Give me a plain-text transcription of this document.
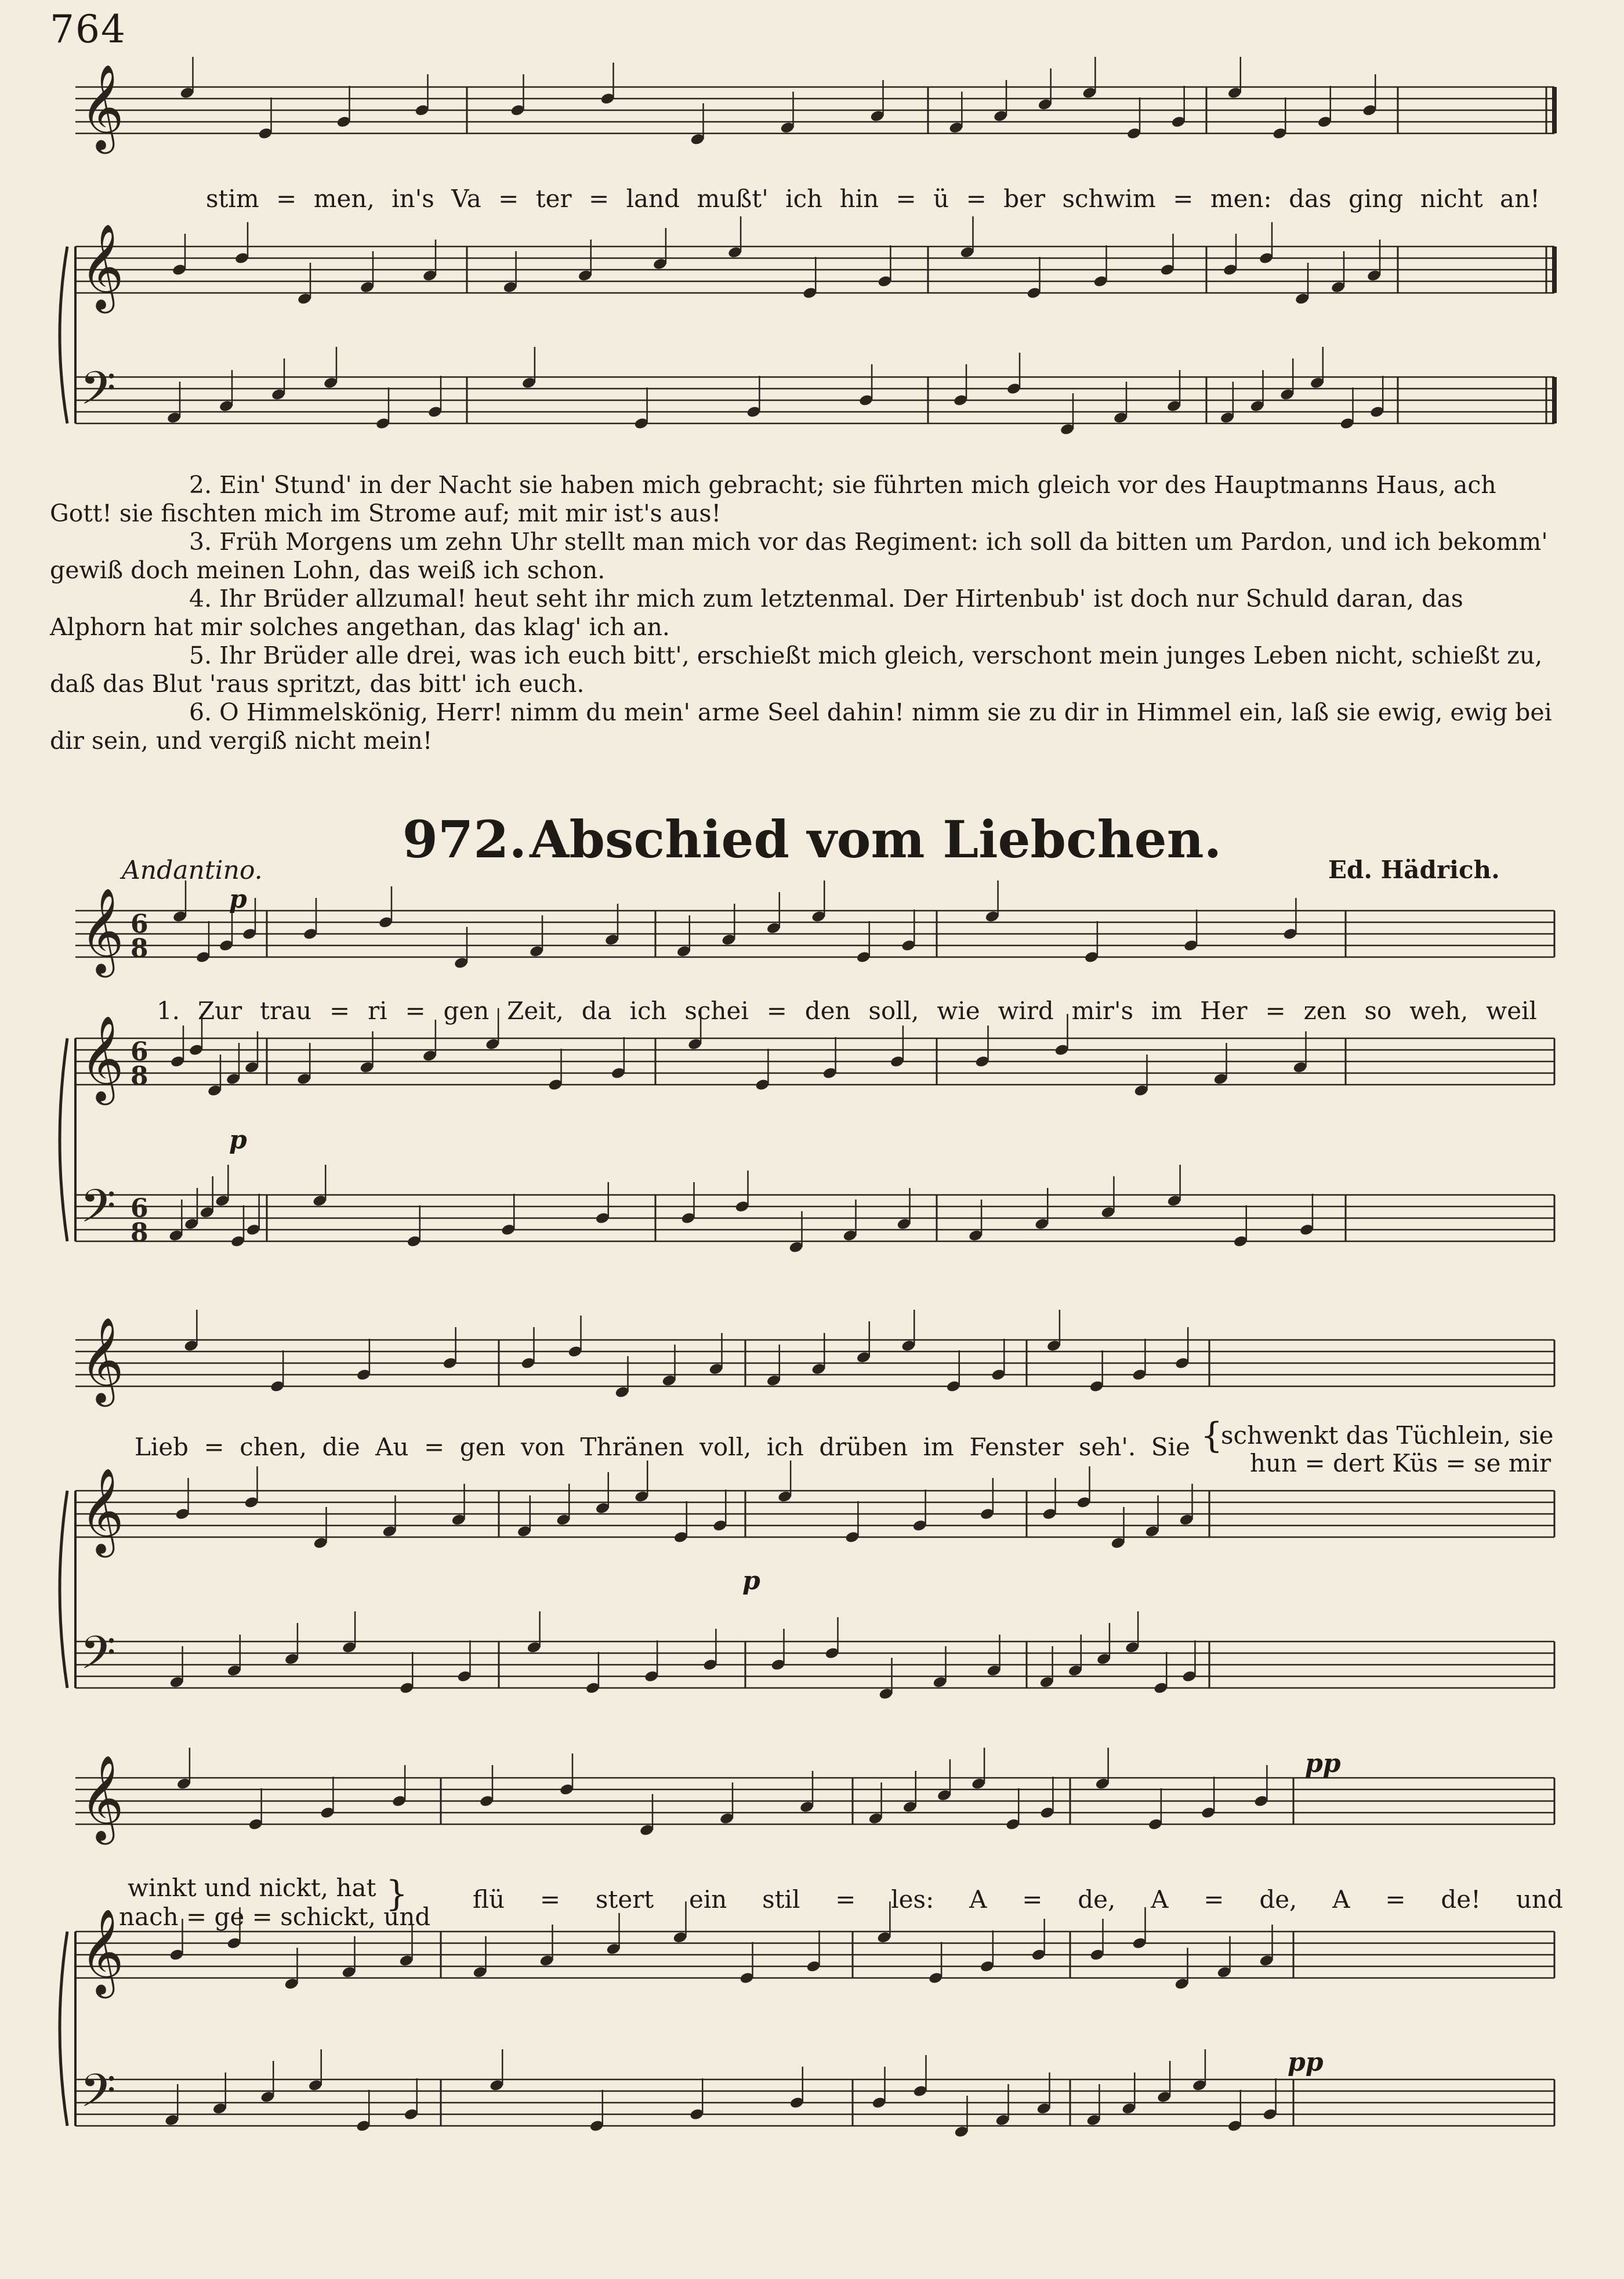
764
𝄞
𝄞
𝄢
𝄞 6
8
𝄞 6
8
𝄢 6
8
𝄞
𝄞
𝄢
𝄞
𝄞
𝄢
stim = men, in's Va = ter = land mußt' ich hin = ü = ber schwim = men: das ging nicht an!

2. Ein' Stund' in der Nacht sie haben mich gebracht; sie führten mich gleich vor des Hauptmanns Haus, ach Gott! sie fischten mich im Strome auf; mit mir ist's aus!

3. Früh Morgens um zehn Uhr stellt man mich vor das Regiment: ich soll da bitten um Pardon, und ich bekomm' gewiß doch meinen Lohn, das weiß ich schon.

4. Ihr Brüder allzumal! heut seht ihr mich zum letztenmal. Der Hirtenbub' ist doch nur Schuld daran, das Alphorn hat mir solches angethan, das klag' ich an.

5. Ihr Brüder alle drei, was ich euch bitt', erschießt mich gleich, verschont mein junges Leben nicht, schießt zu, daß das Blut 'raus spritzt, das bitt' ich euch.

6. O Himmelskönig, Herr! nimm du mein' arme Seel dahin! nimm sie zu dir in Himmel ein, laß sie ewig, ewig bei dir sein, und vergiß nicht mein!

972. Abschied vom Liebchen.
Andantino.	Ed. Hädrich.
p
p
p
pp
pp
1. Zur trau = ri = gen Zeit, da ich schei = den soll, wie wird mir's im Her = zen so weh, weil
Lieb = chen, die Au = gen von Thränen voll, ich drüben im Fenster seh'. Sie {
schwenkt das Tüchlein, sie
hun = dert Küs = se mir
winkt und nickt, hat
nach = ge = schickt, und
}	flü = stert ein stil = les: A = de, A = de, A = de! und
